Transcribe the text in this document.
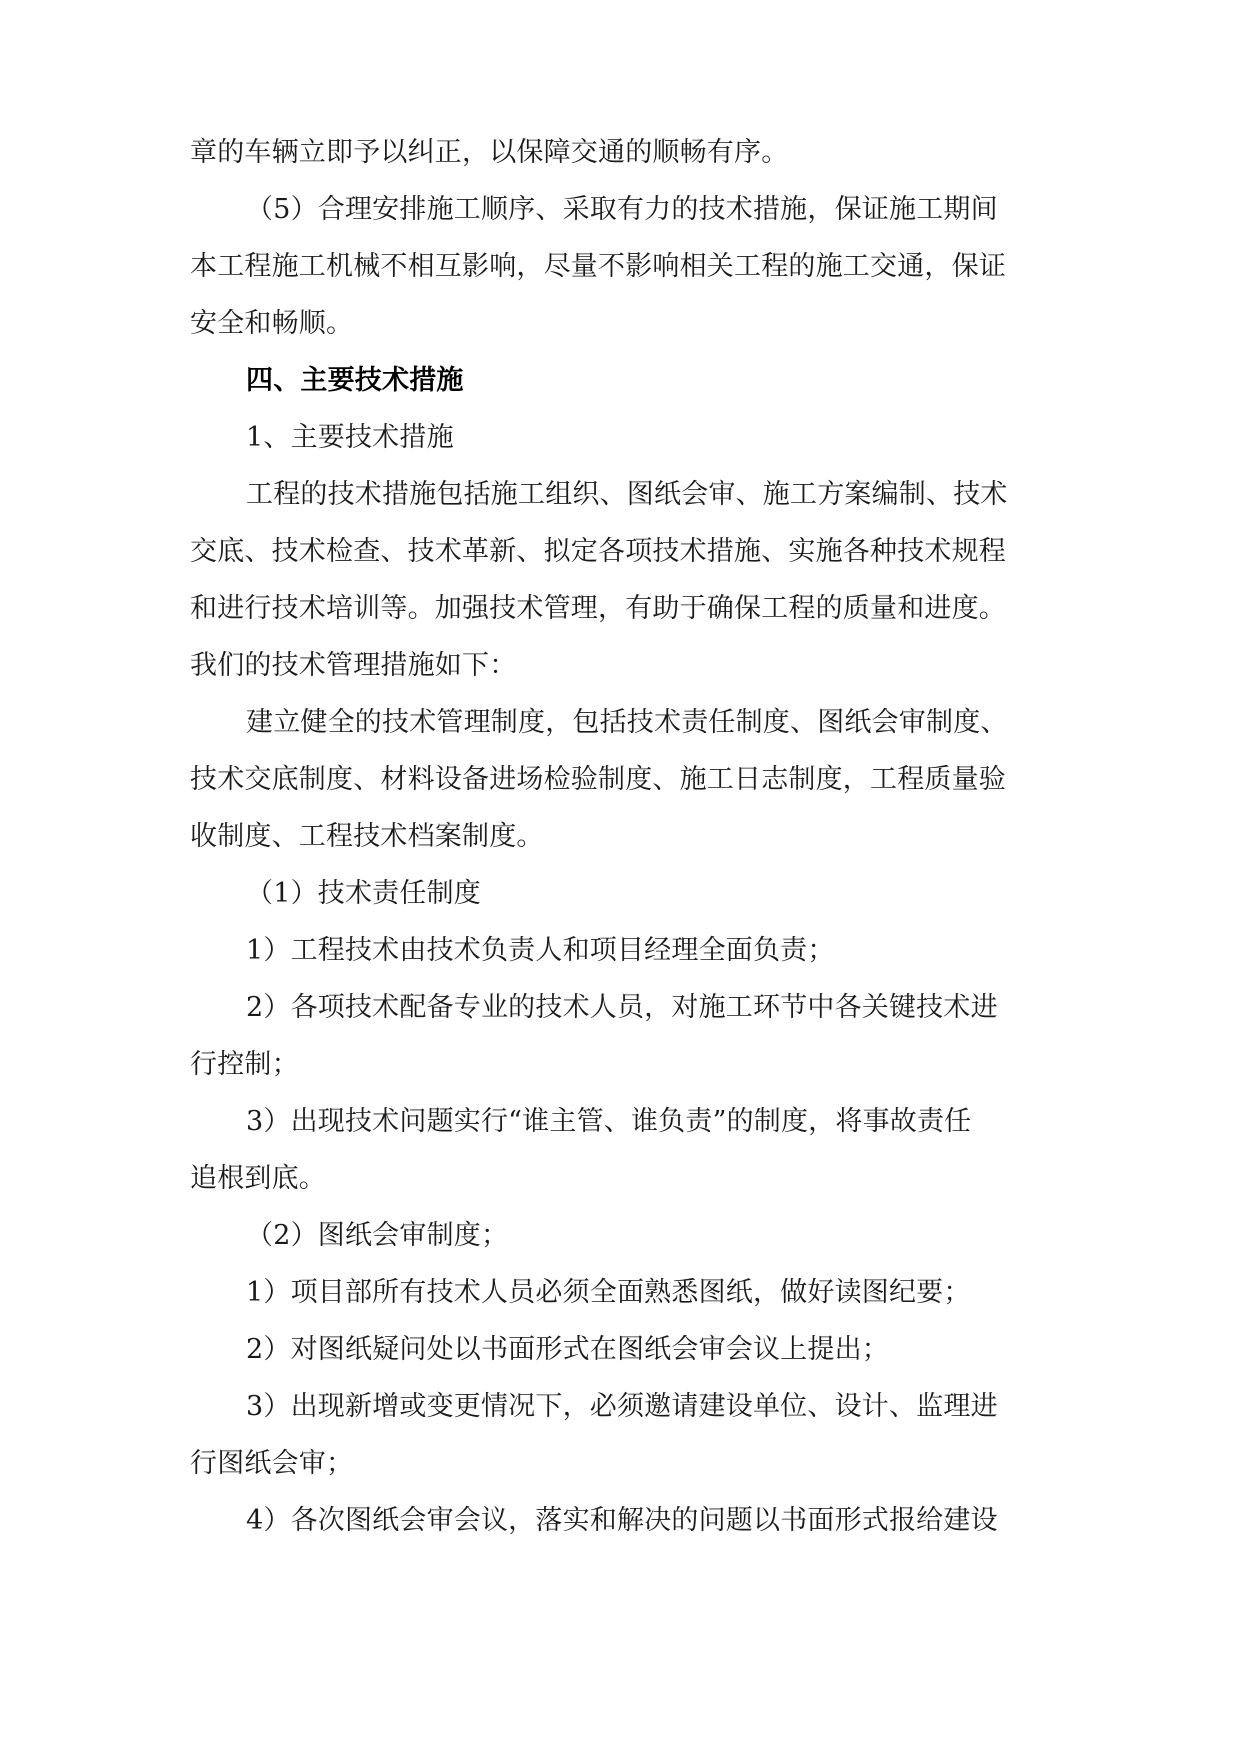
章的车辆立即予以纠正，以保障交通的顺畅有序。
（5）合理安排施工顺序、采取有力的技术措施，保证施工期间
本工程施工机械不相互影响，尽量不影响相关工程的施工交通，保证
安全和畅顺。
四、主要技术措施
1、主要技术措施
工程的技术措施包括施工组织、图纸会审、施工方案编制、技术
交底、技术检查、技术革新、拟定各项技术措施、实施各种技术规程
和进行技术培训等。加强技术管理，有助于确保工程的质量和进度。
我们的技术管理措施如下：
建立健全的技术管理制度，包括技术责任制度、图纸会审制度、
技术交底制度、材料设备进场检验制度、施工日志制度，工程质量验
收制度、工程技术档案制度。
（1）技术责任制度
1）工程技术由技术负责人和项目经理全面负责；
2）各项技术配备专业的技术人员，对施工环节中各关键技术进
行控制；
3）出现技术问题实行“谁主管、谁负责”的制度，将事故责任
追根到底。
（2）图纸会审制度；
1）项目部所有技术人员必须全面熟悉图纸，做好读图纪要；
2）对图纸疑问处以书面形式在图纸会审会议上提出；
3）出现新增或变更情况下，必须邀请建设单位、设计、监理进
行图纸会审；
4）各次图纸会审会议，落实和解决的问题以书面形式报给建设
